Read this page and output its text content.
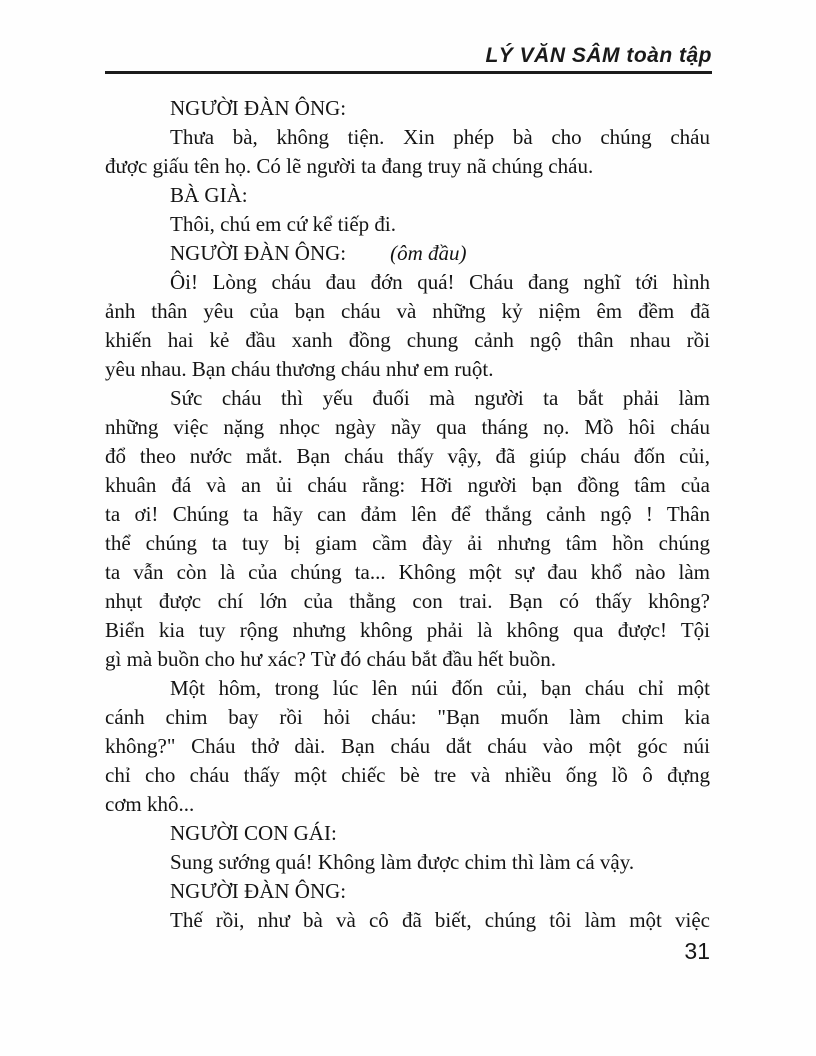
LÝ VĂN SÂM toàn tập
NGƯỜI ĐÀN ÔNG:
Thưa bà, không tiện. Xin phép bà cho chúng cháu
được giấu tên họ. Có lẽ người ta đang truy nã chúng cháu.
BÀ GIÀ:
Thôi, chú em cứ kể tiếp đi.
NGƯỜI ĐÀN ÔNG: (ôm đầu)
Ôi! Lòng cháu đau đớn quá! Cháu đang nghĩ tới hình
ảnh thân yêu của bạn cháu và những kỷ niệm êm đềm đã
khiến hai kẻ đầu xanh đồng chung cảnh ngộ thân nhau rồi
yêu nhau. Bạn cháu thương cháu như em ruột.
Sức cháu thì yếu đuối mà người ta bắt phải làm
những việc nặng nhọc ngày nầy qua tháng nọ. Mồ hôi cháu
đổ theo nước mắt. Bạn cháu thấy vậy, đã giúp cháu đốn củi,
khuân đá và an ủi cháu rằng: Hỡi người bạn đồng tâm của
ta ơi! Chúng ta hãy can đảm lên để thắng cảnh ngộ ! Thân
thể chúng ta tuy bị giam cầm đày ải nhưng tâm hồn chúng
ta vẫn còn là của chúng ta... Không một sự đau khổ nào làm
nhụt được chí lớn của thằng con trai. Bạn có thấy không?
Biển kia tuy rộng nhưng không phải là không qua được! Tội
gì mà buồn cho hư xác? Từ đó cháu bắt đầu hết buồn.
Một hôm, trong lúc lên núi đốn củi, bạn cháu chỉ một
cánh chim bay rồi hỏi cháu: "Bạn muốn làm chim kia
không?" Cháu thở dài. Bạn cháu dắt cháu vào một góc núi
chỉ cho cháu thấy một chiếc bè tre và nhiều ống lồ ô đựng
cơm khô...
NGƯỜI CON GÁI:
Sung sướng quá! Không làm được chim thì làm cá vậy.
NGƯỜI ĐÀN ÔNG:
Thế rồi, như bà và cô đã biết, chúng tôi làm một việc
31
